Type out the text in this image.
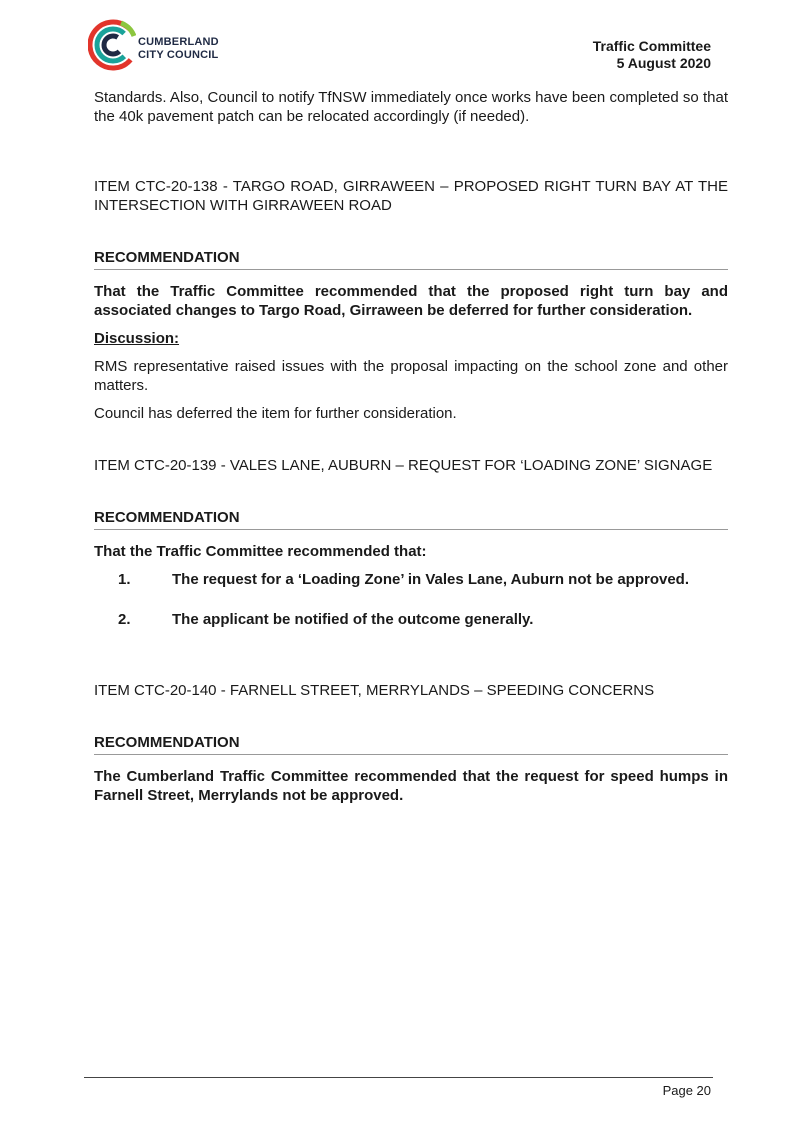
CUMBERLAND
CITY COUNCIL
Traffic Committee
5 August 2020

Standards. Also, Council to notify TfNSW immediately once works have been completed so that the 40k pavement patch can be relocated accordingly (if needed).

ITEM CTC-20-138 - TARGO ROAD, GIRRAWEEN – PROPOSED RIGHT TURN BAY AT THE INTERSECTION WITH GIRRAWEEN ROAD

RECOMMENDATION

That the Traffic Committee recommended that the proposed right turn bay and associated changes to Targo Road, Girraween be deferred for further consideration.

Discussion:

RMS representative raised issues with the proposal impacting on the school zone and other matters.

Council has deferred the item for further consideration.

ITEM CTC-20-139 - VALES LANE, AUBURN – REQUEST FOR ‘LOADING ZONE’ SIGNAGE

RECOMMENDATION

That the Traffic Committee recommended that:

1.	The request for a ‘Loading Zone’ in Vales Lane, Auburn not be approved.
2.	The applicant be notified of the outcome generally.

ITEM CTC-20-140 - FARNELL STREET, MERRYLANDS – SPEEDING CONCERNS

RECOMMENDATION

The Cumberland Traffic Committee recommended that the request for speed humps in Farnell Street, Merrylands not be approved.

Page 20
